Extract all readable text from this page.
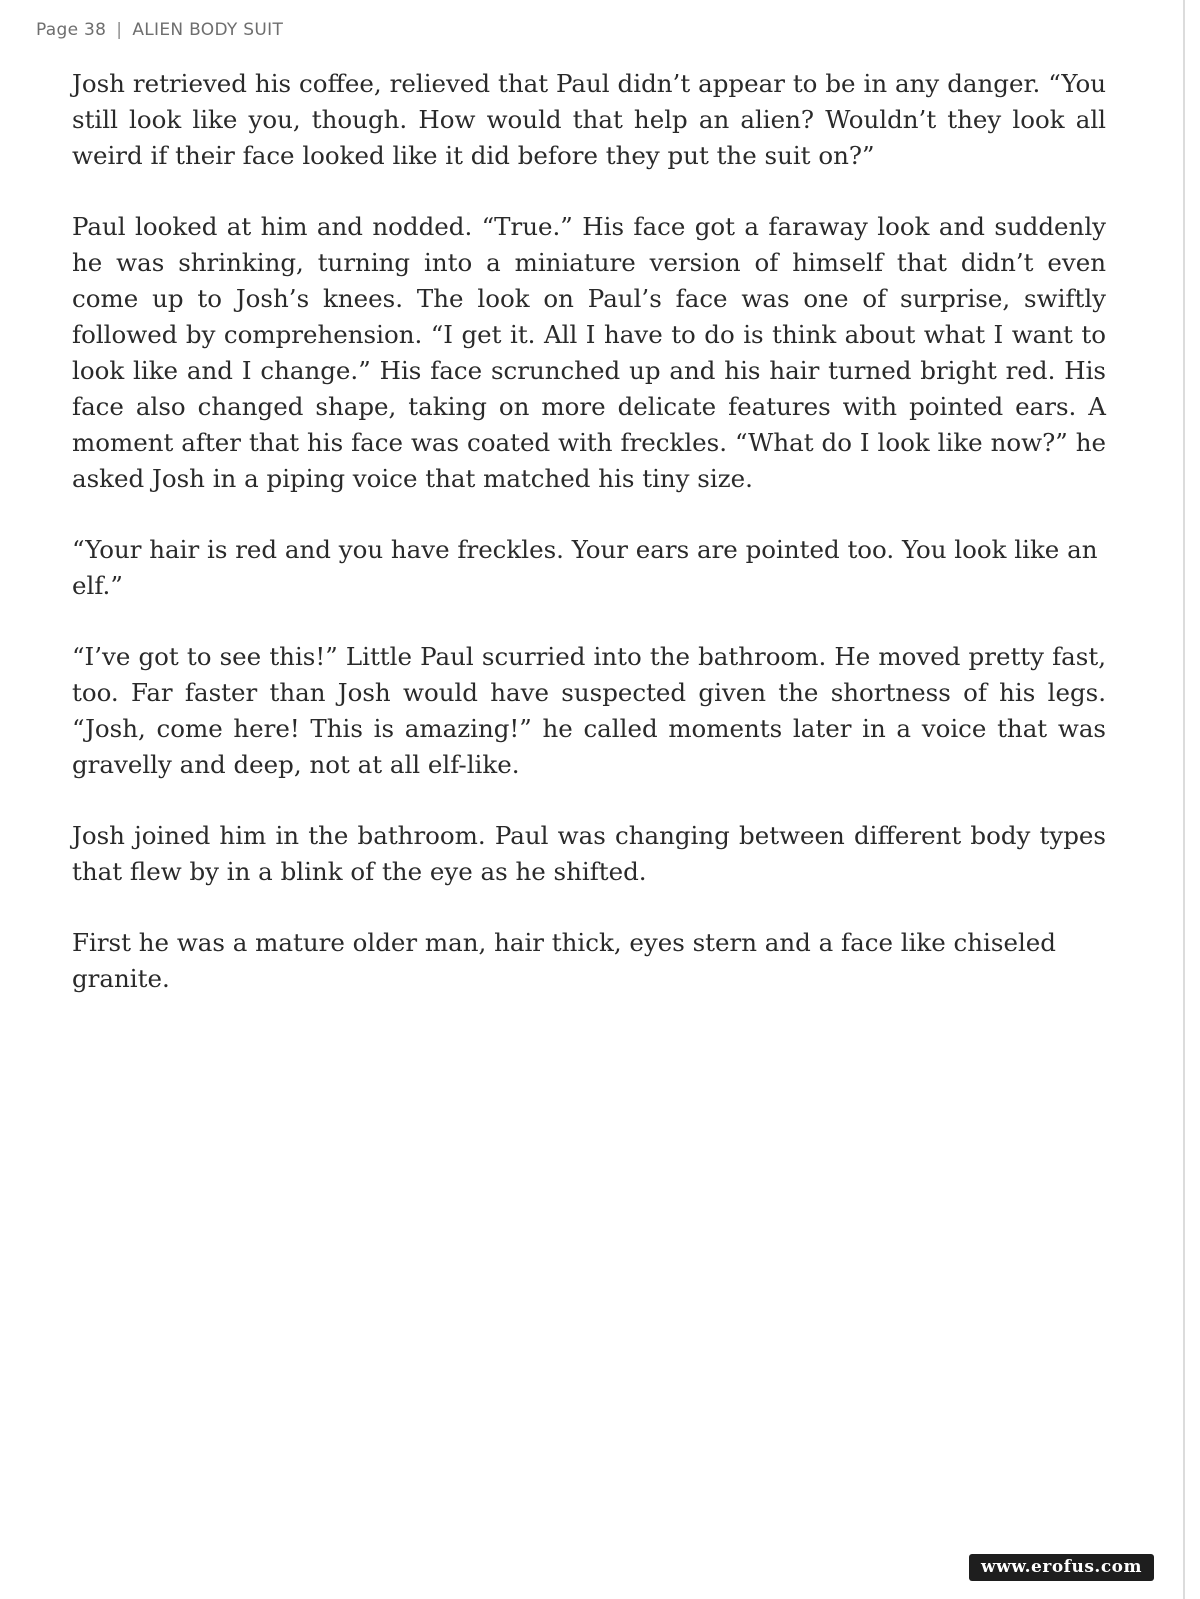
Page 38 | ALIEN BODY SUIT

Josh retrieved his coffee, relieved that Paul didn’t appear to be in any danger. “You still look like you, though. How would that help an alien? Wouldn’t they look all weird if their face looked like it did before they put the suit on?”

Paul looked at him and nodded. “True.” His face got a faraway look and suddenly he was shrinking, turning into a miniature version of himself that didn’t even come up to Josh’s knees. The look on Paul’s face was one of surprise, swiftly followed by comprehension. “I get it. All I have to do is think about what I want to look like and I change.” His face scrunched up and his hair turned bright red. His face also changed shape, taking on more delicate features with pointed ears. A moment after that his face was coated with freckles. “What do I look like now?” he asked Josh in a piping voice that matched his tiny size.

“Your hair is red and you have freckles. Your ears are pointed too. You look like an elf.”

“I’ve got to see this!” Little Paul scurried into the bathroom. He moved pretty fast, too. Far faster than Josh would have suspected given the shortness of his legs. “Josh, come here! This is amazing!” he called moments later in a voice that was gravelly and deep, not at all elf-like.

Josh joined him in the bathroom. Paul was changing between different body types that flew by in a blink of the eye as he shifted.

First he was a mature older man, hair thick, eyes stern and a face like chiseled granite.

www.erofus.com
